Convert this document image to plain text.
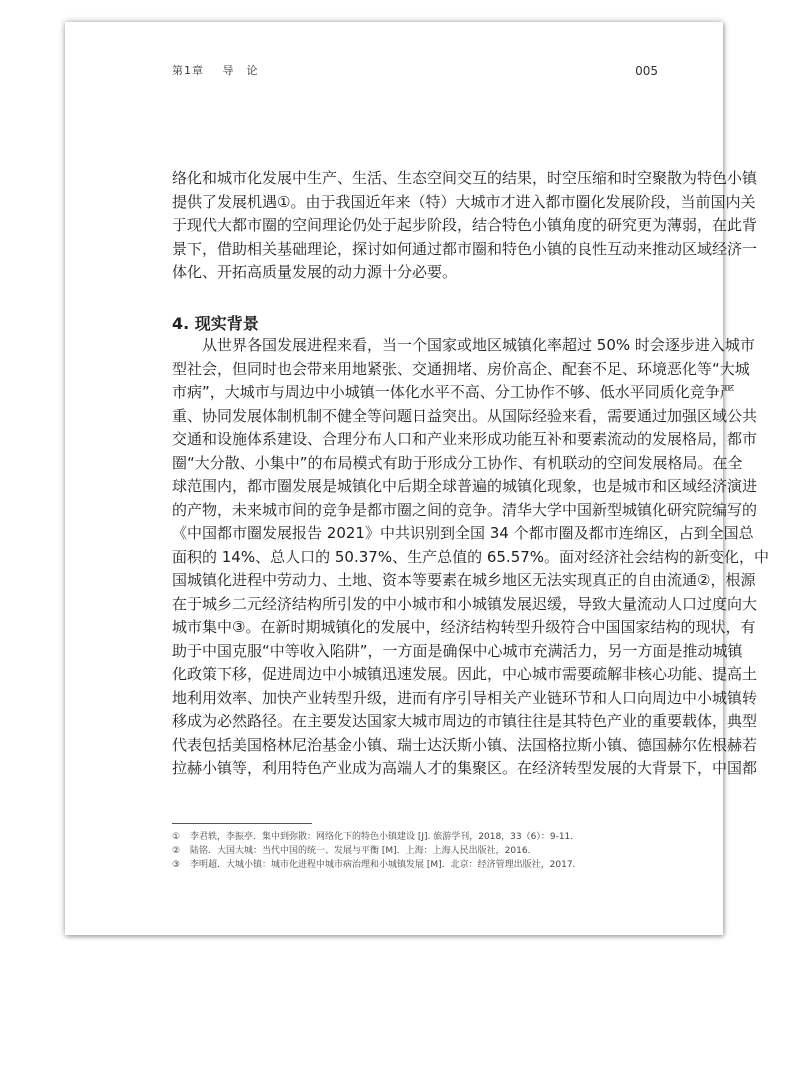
第1章 导　论	005
络化和城市化发展中生产、生活、生态空间交互的结果，时空压缩和时空聚散为特色小镇
提供了发展机遇①。由于我国近年来（特）大城市才进入都市圈化发展阶段，当前国内关
于现代大都市圈的空间理论仍处于起步阶段，结合特色小镇角度的研究更为薄弱，在此背
景下，借助相关基础理论，探讨如何通过都市圈和特色小镇的良性互动来推动区域经济一
体化、开拓高质量发展的动力源十分必要。
4. 现实背景
从世界各国发展进程来看，当一个国家或地区城镇化率超过 50% 时会逐步进入城市
型社会，但同时也会带来用地紧张、交通拥堵、房价高企、配套不足、环境恶化等“大城
市病”，大城市与周边中小城镇一体化水平不高、分工协作不够、低水平同质化竞争严
重、协同发展体制机制不健全等问题日益突出。从国际经验来看，需要通过加强区域公共
交通和设施体系建设、合理分布人口和产业来形成功能互补和要素流动的发展格局，都市
圈“大分散、小集中”的布局模式有助于形成分工协作、有机联动的空间发展格局。在全
球范围内，都市圈发展是城镇化中后期全球普遍的城镇化现象，也是城市和区域经济演进
的产物，未来城市间的竞争是都市圈之间的竞争。清华大学中国新型城镇化研究院编写的
《中国都市圈发展报告 2021》中共识别到全国 34 个都市圈及都市连绵区，占到全国总
面积的 14%、总人口的 50.37%、生产总值的 65.57%。面对经济社会结构的新变化，中
国城镇化进程中劳动力、土地、资本等要素在城乡地区无法实现真正的自由流通②，根源
在于城乡二元经济结构所引发的中小城市和小城镇发展迟缓，导致大量流动人口过度向大
城市集中③。在新时期城镇化的发展中，经济结构转型升级符合中国国家结构的现状，有
助于中国克服“中等收入陷阱”，一方面是确保中心城市充满活力，另一方面是推动城镇
化政策下移，促进周边中小城镇迅速发展。因此，中心城市需要疏解非核心功能、提高土
地利用效率、加快产业转型升级，进而有序引导相关产业链环节和人口向周边中小城镇转
移成为必然路径。在主要发达国家大城市周边的市镇往往是其特色产业的重要载体，典型
代表包括美国格林尼治基金小镇、瑞士达沃斯小镇、法国格拉斯小镇、德国赫尔佐根赫若
拉赫小镇等，利用特色产业成为高端人才的集聚区。在经济转型发展的大背景下，中国都
① 李君轶，李振亭．集中到弥散：网络化下的特色小镇建设 [J]. 旅游学刊，2018，33（6）：9-11.
② 陆铭．大国大城：当代中国的统一、发展与平衡 [M]．上海：上海人民出版社，2016.
③ 李明超．大城小镇：城市化进程中城市病治理和小城镇发展 [M]．北京：经济管理出版社，2017.
